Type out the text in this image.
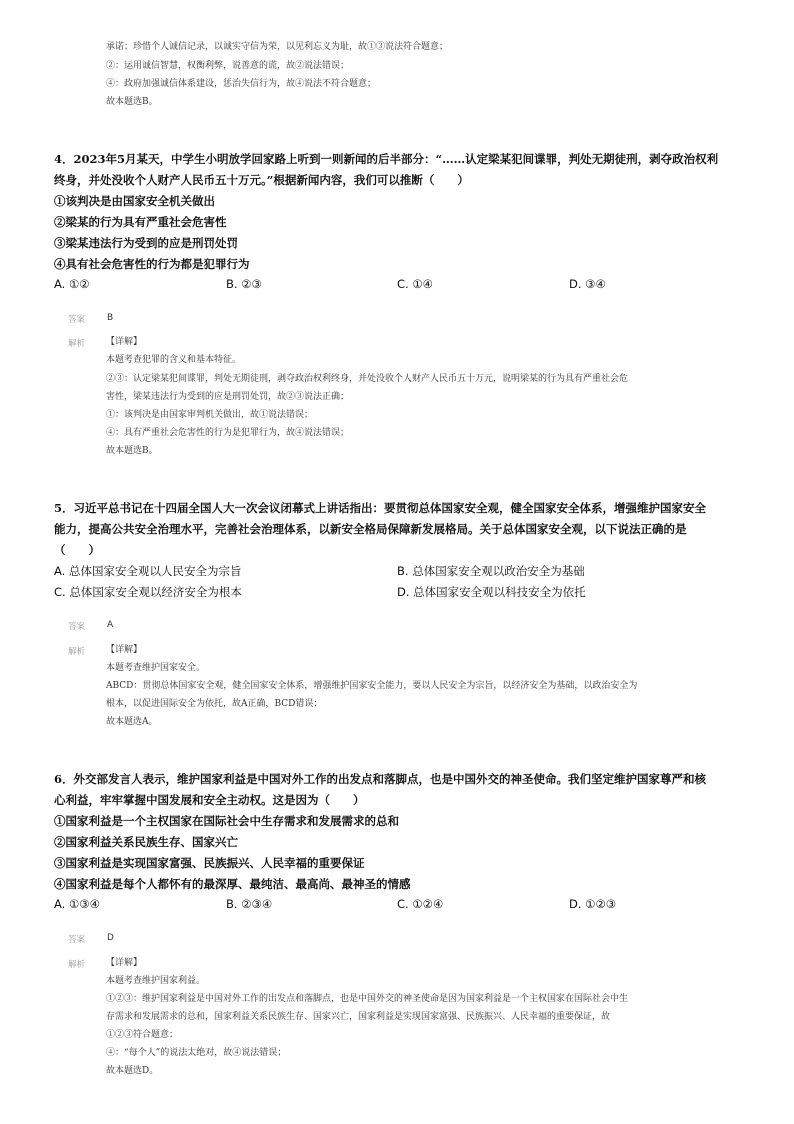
承诺；珍惜个人诚信记录，以诚实守信为荣，以见利忘义为耻，故①③说法符合题意；
②：运用诚信智慧，权衡利弊，说善意的谎，故②说法错误；
④：政府加强诚信体系建设，惩治失信行为，故④说法不符合题意；
故本题选B。
4．2023年5月某天，中学生小明放学回家路上听到一则新闻的后半部分：“……认定梁某犯间谍罪，判处无期徒刑，剥夺政治权利
终身，并处没收个人财产人民币五十万元。”根据新闻内容，我们可以推断（　　）
①该判决是由国家安全机关做出
②梁某的行为具有严重社会危害性
③梁某违法行为受到的应是刑罚处罚
④具有社会危害性的行为都是犯罪行为
A. ①②	B. ②③	C. ①④	D. ③④
答案 B
解析 【详解】
本题考查犯罪的含义和基本特征。
②③：认定梁某犯间谍罪，判处无期徒刑，剥夺政治权利终身，并处没收个人财产人民币五十万元，说明梁某的行为具有严重社会危
害性，梁某违法行为受到的应是刑罚处罚，故②③说法正确；
①：该判决是由国家审判机关做出，故①说法错误；
④：具有严重社会危害性的行为是犯罪行为，故④说法错误；
故本题选B。
5．习近平总书记在十四届全国人大一次会议闭幕式上讲话指出：要贯彻总体国家安全观，健全国家安全体系，增强维护国家安全
能力，提高公共安全治理水平，完善社会治理体系，以新安全格局保障新发展格局。关于总体国家安全观，以下说法正确的是
（　　）
A. 总体国家安全观以人民安全为宗旨	B. 总体国家安全观以政治安全为基础
C. 总体国家安全观以经济安全为根本	D. 总体国家安全观以科技安全为依托
答案 A
解析 【详解】
本题考查维护国家安全。
ABCD：贯彻总体国家安全观，健全国家安全体系，增强维护国家安全能力，要以人民安全为宗旨，以经济安全为基础，以政治安全为
根本，以促进国际安全为依托，故A正确，BCD错误；
故本题选A。
6．外交部发言人表示，维护国家利益是中国对外工作的出发点和落脚点，也是中国外交的神圣使命。我们坚定维护国家尊严和核
心利益，牢牢掌握中国发展和安全主动权。这是因为（　　）
①国家利益是一个主权国家在国际社会中生存需求和发展需求的总和
②国家利益关系民族生存、国家兴亡
③国家利益是实现国家富强、民族振兴、人民幸福的重要保证
④国家利益是每个人都怀有的最深厚、最纯洁、最高尚、最神圣的情感
A. ①③④	B. ②③④	C. ①②④	D. ①②③
答案 D
解析 【详解】
本题考查维护国家利益。
①②③：维护国家利益是中国对外工作的出发点和落脚点，也是中国外交的神圣使命是因为国家利益是一个主权国家在国际社会中生
存需求和发展需求的总和，国家利益关系民族生存、国家兴亡，国家利益是实现国家富强、民族振兴、人民幸福的重要保证，故
①②③符合题意；
④：“每个人”的说法太绝对，故④说法错误；
故本题选D。
